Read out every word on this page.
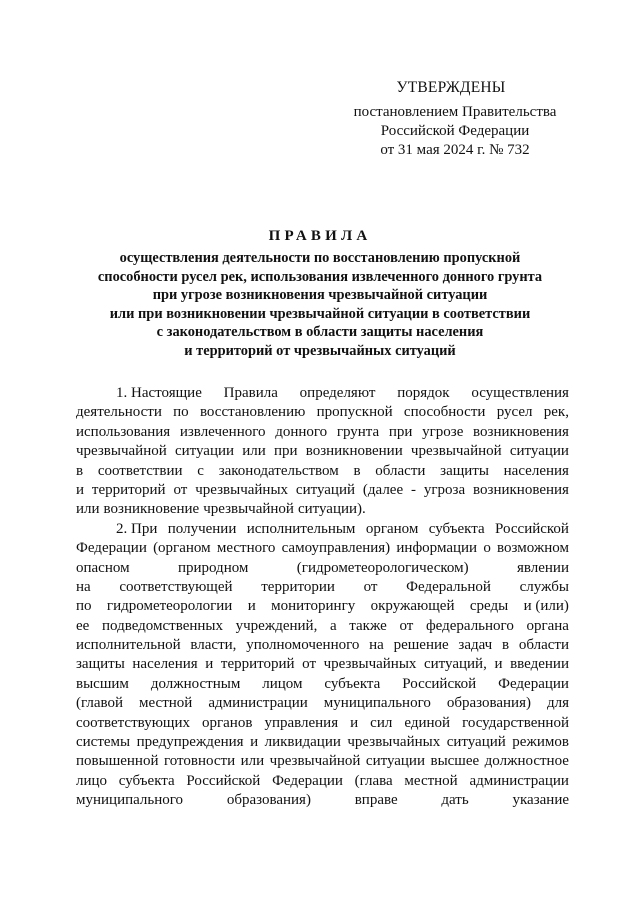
УТВЕРЖДЕНЫ
постановлением Правительства
Российской Федерации
от 31 мая 2024 г. № 732
ПРАВИЛА
осуществления деятельности по восстановлению пропускной
способности русел рек, использования извлеченного донного грунта
при угрозе возникновения чрезвычайной ситуации
или при возникновении чрезвычайной ситуации в соответствии
с законодательством в области защиты населения
и территорий от чрезвычайных ситуаций
1. Настоящие Правила определяют порядок осуществления
деятельности по восстановлению пропускной способности русел рек,
использования извлеченного донного грунта при угрозе возникновения
чрезвычайной ситуации или при возникновении чрезвычайной ситуации
в соответствии с законодательством в области защиты населения
и территорий от чрезвычайных ситуаций (далее - угроза возникновения
или возникновение чрезвычайной ситуации).
2. При получении исполнительным органом субъекта Российской
Федерации (органом местного самоуправления) информации о возможном
опасном	природном	(гидрометеорологическом)	явлении
на соответствующей территории от Федеральной службы
по гидрометеорологии и мониторингу окружающей среды и (или)
ее подведомственных учреждений, а также от федерального органа
исполнительной власти, уполномоченного на решение задач в области
защиты населения и территорий от чрезвычайных ситуаций, и введении
высшим должностным лицом субъекта Российской Федерации
(главой местной администрации муниципального образования) для
соответствующих органов управления и сил единой государственной
системы предупреждения и ликвидации чрезвычайных ситуаций режимов
повышенной готовности или чрезвычайной ситуации высшее должностное
лицо субъекта Российской Федерации (глава местной администрации
муниципального	образования)	вправе	дать	указание
